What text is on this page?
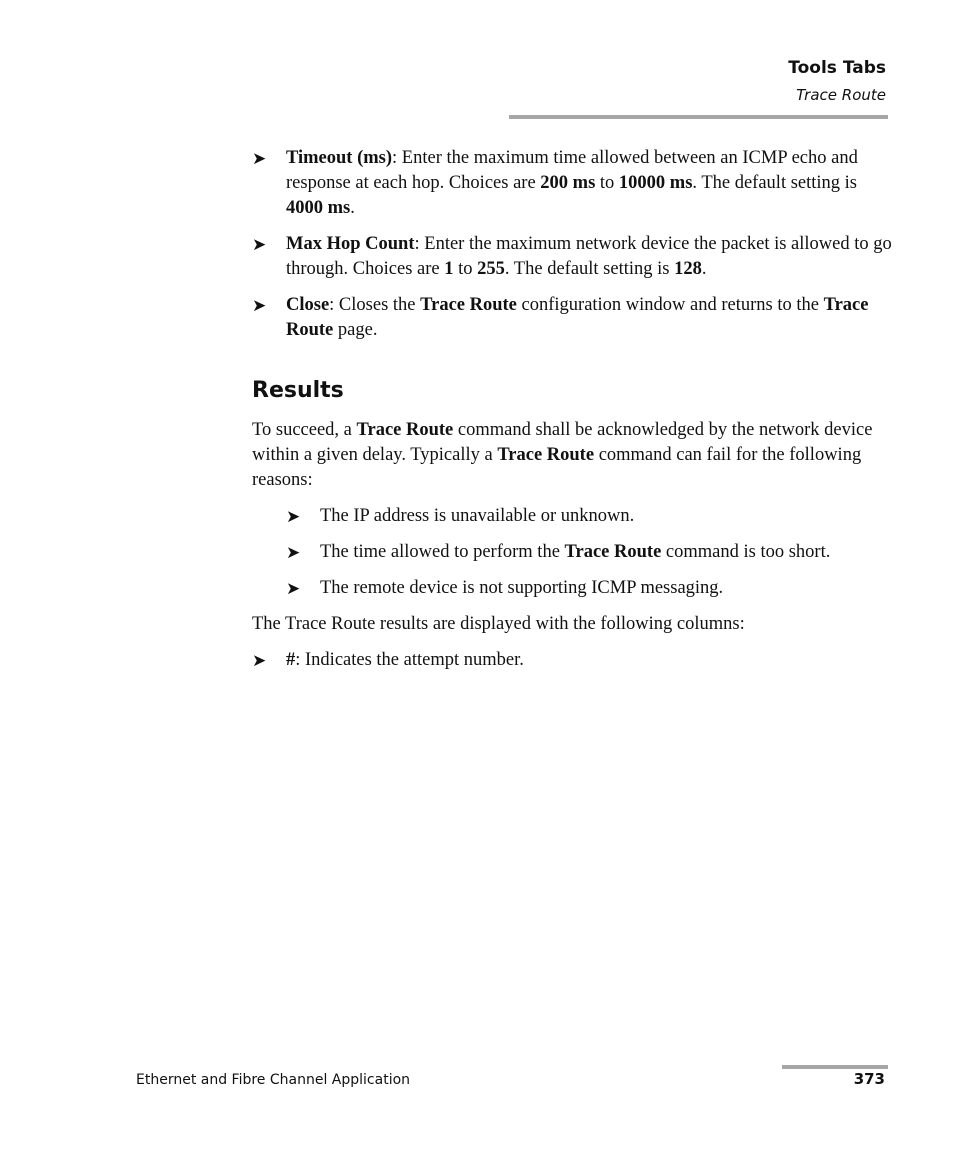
Tools Tabs
Trace Route
➤ Timeout (ms): Enter the maximum time allowed between an ICMP echo and response at each hop. Choices are 200 ms to 10000 ms. The default setting is 4000 ms.
➤ Max Hop Count: Enter the maximum network device the packet is allowed to go through. Choices are 1 to 255. The default setting is 128.
➤ Close: Closes the Trace Route configuration window and returns to the Trace Route page.
Results
To succeed, a Trace Route command shall be acknowledged by the network device within a given delay. Typically a Trace Route command can fail for the following reasons:
➤ The IP address is unavailable or unknown.
➤ The time allowed to perform the Trace Route command is too short.
➤ The remote device is not supporting ICMP messaging.
The Trace Route results are displayed with the following columns:
➤ #: Indicates the attempt number.
Ethernet and Fibre Channel Application	373
